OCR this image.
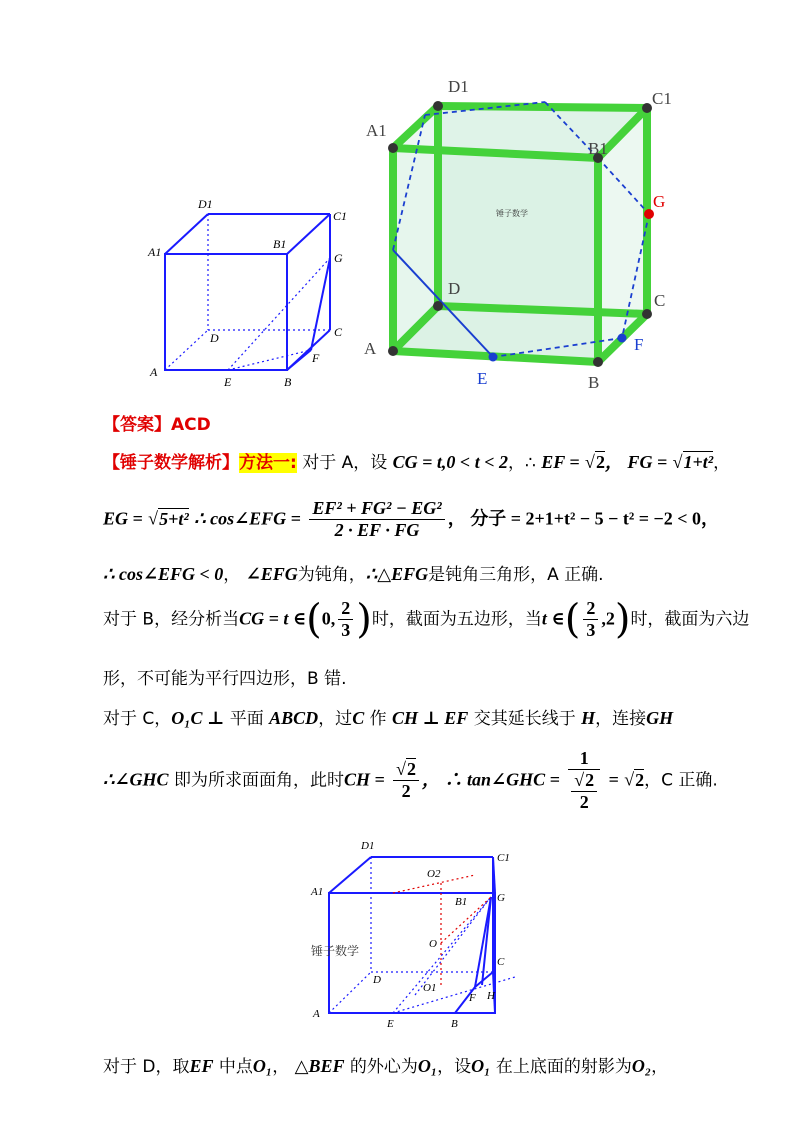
D1
C1
A1
B1
G
D	C
F
A
E	B
D1
C1
A1
B1
G
D
C
F
A
E	B
锤子数学
【答案】ACD
【锤子数学解析】方法一: 对于 A，设 CG = t,0 < t < 2，∴ EF = √2， FG = √1+t²，
EG = √5+t² ∴ cos∠EFG = $\frac{\text{EF² + FG² − EG²}}{2 \cdot EF \cdot FG}$ ， 分子 = 2+1+t² − 5 − t² = −2 < 0，
∴ cos∠EFG < 0， ∠EFG为钝角，∴△EFG是钝角三角形，A 正确.
对于 B，经分析当CG = t ∈(0, $\frac{2}{3}$ )时，截面为五边形，当t ∈( $\frac{2}{3} ,2$)时，截面为六边
形，不可能为平行四边形，B 错.
对于 C，O₁C ⊥ 平面 ABCD，过C 作 CH ⊥ EF 交其延长线于 H，连接GH
∴∠GHC 即为所求面面角，此时CH = $\frac{√2}{2}$ ， ∴ tan∠GHC = $\frac{1}{\frac{√2}{2}} = √2$，C 正确.
D1
C1
O2
A1
B1	G
O
锤子数学
D
C
O1
F H
A
E	B
对于 D，取EF 中点O₁， △BEF 的外心为O₁，设O₁ 在上底面的射影为O₂，
